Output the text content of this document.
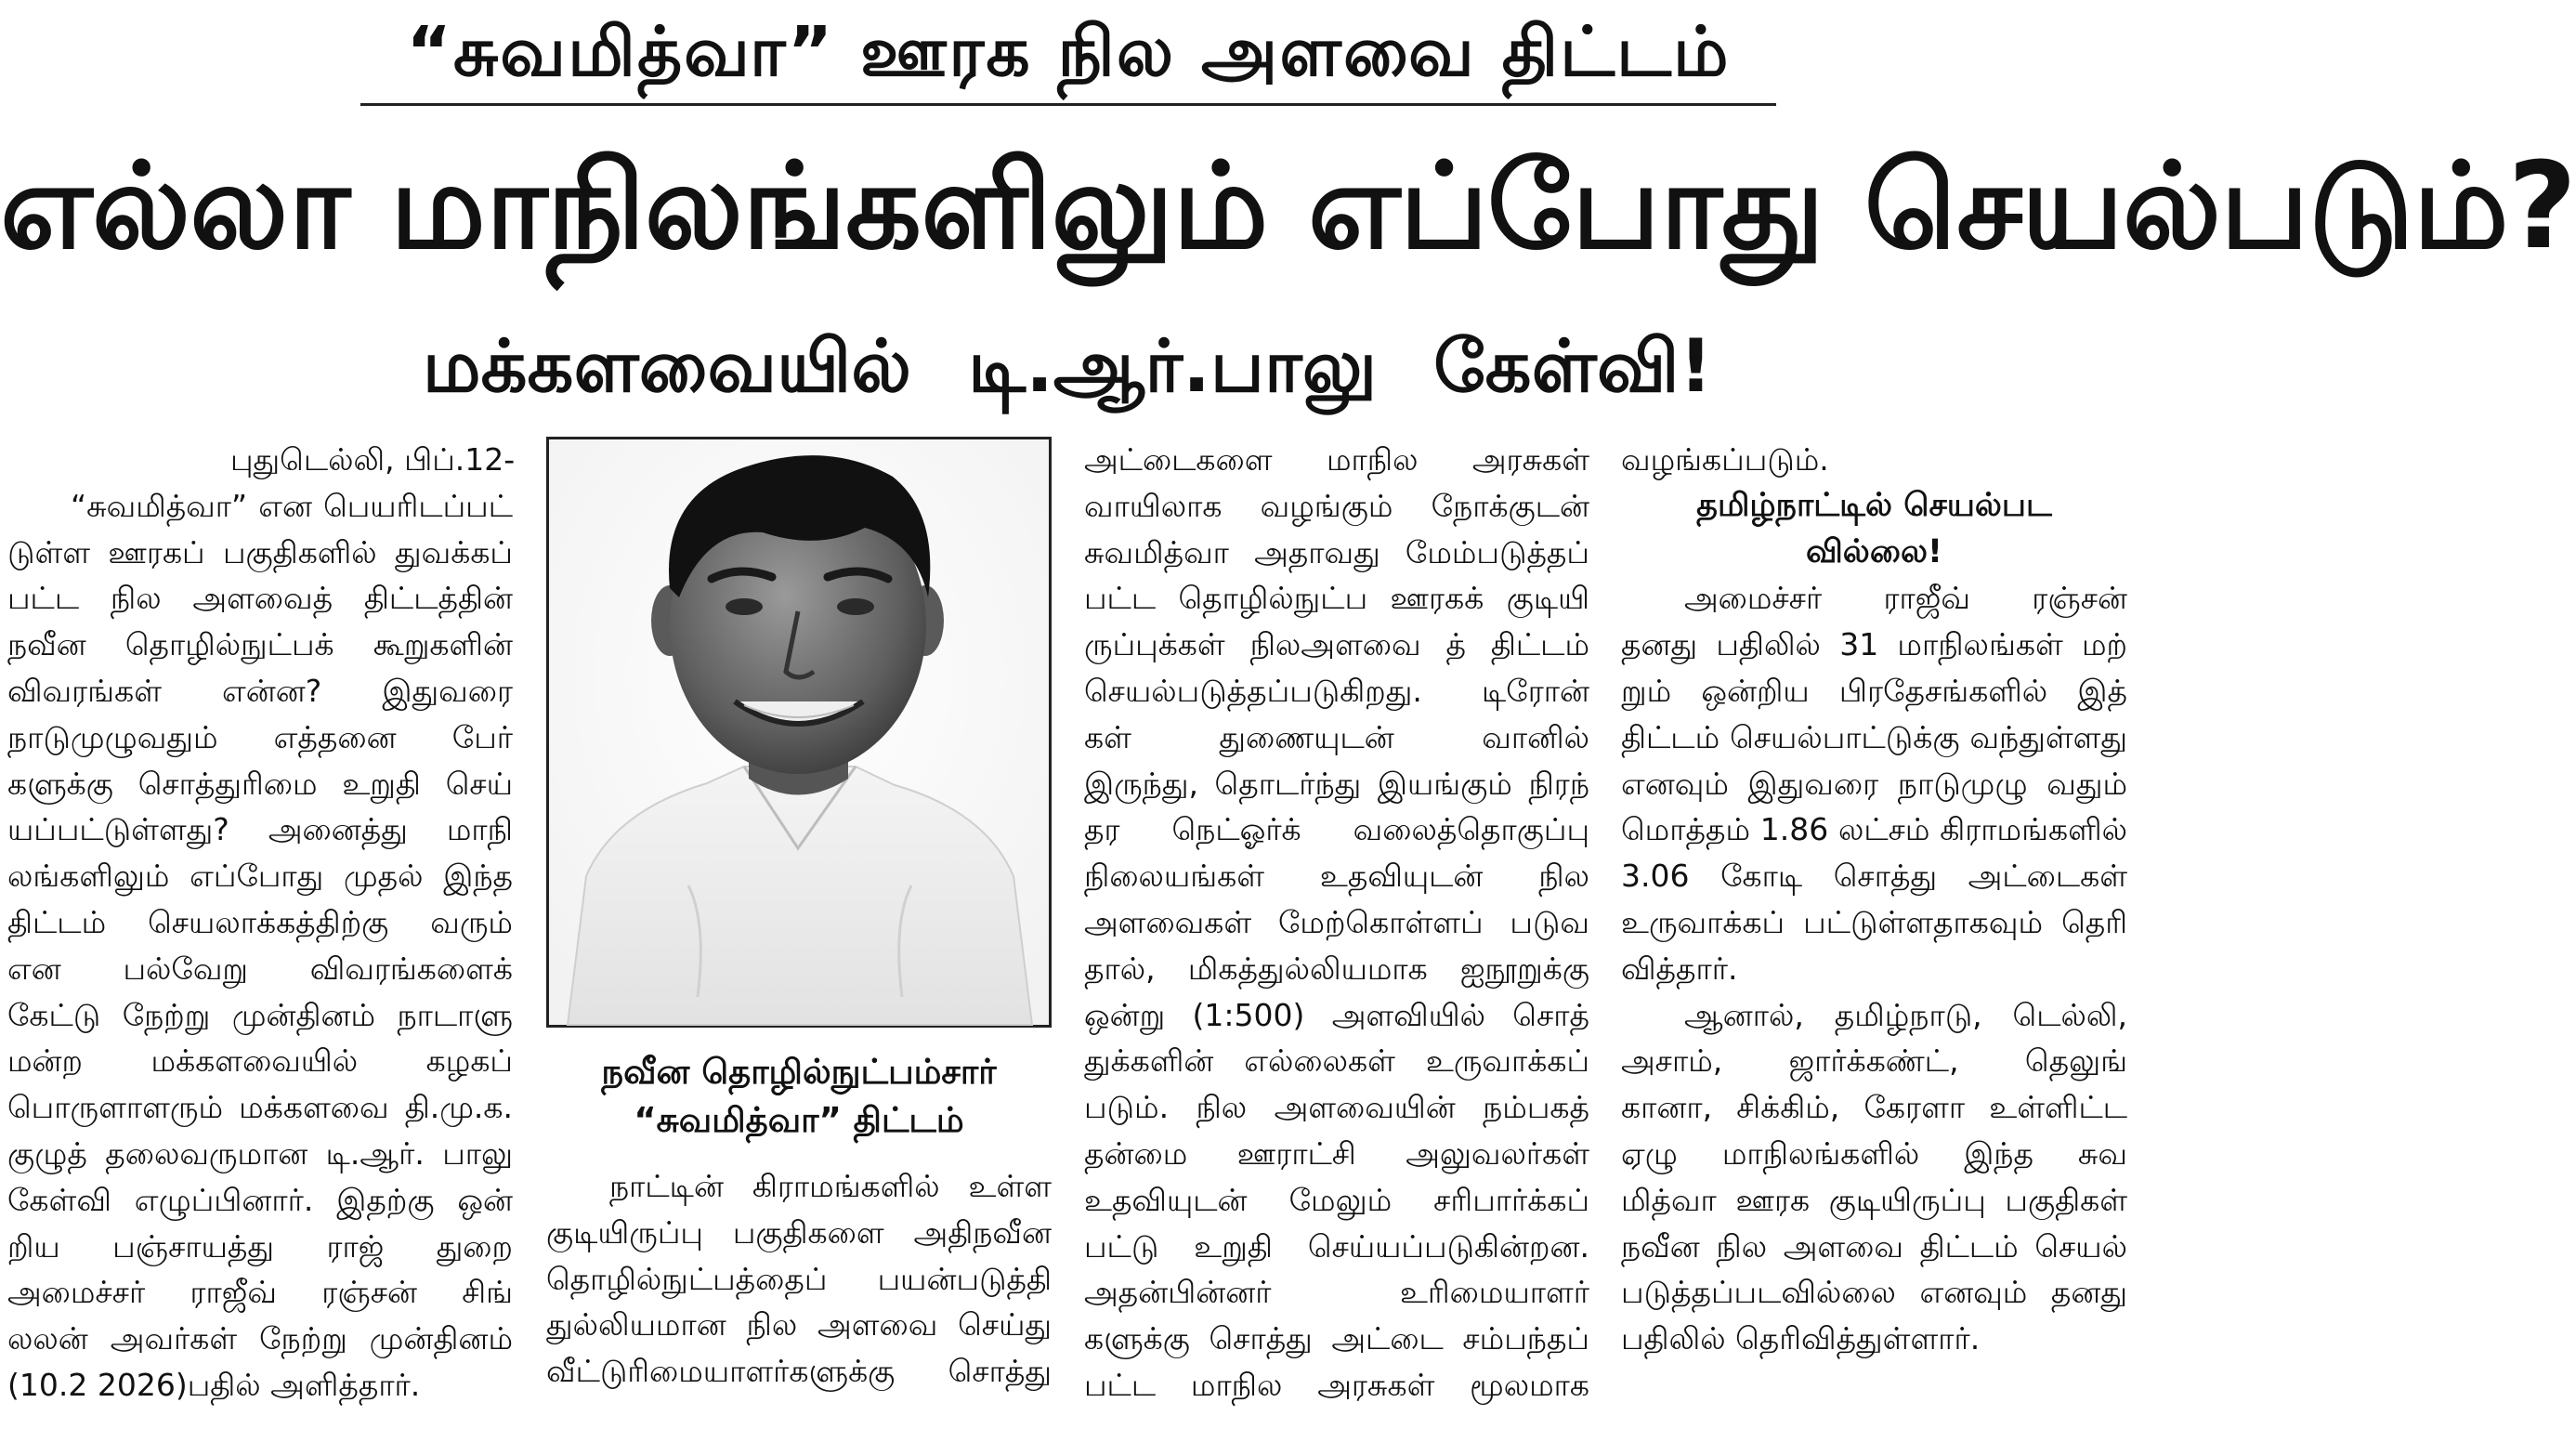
“சுவமித்வா” ஊரக நில அளவை திட்டம்
எல்லா மாநிலங்களிலும் எப்போது செயல்படும்?
மக்களவையில் டி.ஆர்.பாலு கேள்வி!
புதுடெல்லி, பிப்.12-
“சுவமித்வா” என பெயரிடப்பட்
டுள்ள ஊரகப் பகுதிகளில் துவக்கப்
பட்ட நில அளவைத் திட்டத்தின்
நவீன தொழில்நுட்பக் கூறுகளின்
விவரங்கள் என்ன? இதுவரை
நாடுமுழுவதும் எத்தனை பேர்
களுக்கு சொத்துரிமை உறுதி செய்
யப்பட்டுள்ளது? அனைத்து மாநி
லங்களிலும் எப்போது முதல் இந்த
திட்டம் செயலாக்கத்திற்கு வரும்
என பல்வேறு விவரங்களைக்
கேட்டு நேற்று முன்தினம் நாடாளு
மன்ற மக்களவையில் கழகப்
பொருளாளரும் மக்களவை தி.மு.க.
குழுத் தலைவருமான டி.ஆர். பாலு
கேள்வி எழுப்பினார். இதற்கு ஒன்
றிய பஞ்சாயத்து ராஜ் துறை
அமைச்சர் ராஜீவ் ரஞ்சன் சிங்
லலன் அவர்கள் நேற்று முன்தினம்
(10.2 2026)பதில் அளித்தார்.
நவீன தொழில்நுட்பம்சார்
“சுவமித்வா” திட்டம்
நாட்டின் கிராமங்களில் உள்ள
குடியிருப்பு பகுதிகளை அதிநவீன
தொழில்நுட்பத்தைப் பயன்படுத்தி
துல்லியமான நில அளவை செய்து
வீட்டுரிமையாளர்களுக்கு சொத்து
அட்டைகளை மாநில அரசுகள்
வாயிலாக வழங்கும் நோக்குடன்
சுவமித்வா அதாவது மேம்படுத்தப்
பட்ட தொழில்நுட்ப ஊரகக் குடியி
ருப்புக்கள் நிலஅளவை த் திட்டம்
செயல்படுத்தப்படுகிறது. டிரோன்
கள் துணையுடன் வானில்
இருந்து, தொடர்ந்து இயங்கும் நிரந்
தர நெட்ஓர்க் வலைத்தொகுப்பு
நிலையங்கள் உதவியுடன் நில
அளவைகள் மேற்கொள்ளப் படுவ
தால், மிகத்துல்லியமாக ஐநூறுக்கு
ஒன்று (1:500) அளவியில் சொத்
துக்களின் எல்லைகள் உருவாக்கப்
படும். நில அளவையின் நம்பகத்
தன்மை ஊராட்சி அலுவலர்கள்
உதவியுடன் மேலும் சரிபார்க்கப்
பட்டு உறுதி செய்யப்படுகின்றன.
அதன்பின்னர் உரிமையாளர்
களுக்கு சொத்து அட்டை சம்பந்தப்
பட்ட மாநில அரசுகள் மூலமாக
வழங்கப்படும்.
தமிழ்நாட்டில் செயல்பட
வில்லை!
அமைச்சர் ராஜீவ் ரஞ்சன்
தனது பதிலில் 31 மாநிலங்கள் மற்
றும் ஒன்றிய பிரதேசங்களில் இத்
திட்டம் செயல்பாட்டுக்கு வந்துள்ளது
எனவும் இதுவரை நாடுமுழு வதும்
மொத்தம் 1.86 லட்சம் கிராமங்களில்
3.06 கோடி சொத்து அட்டைகள்
உருவாக்கப் பட்டுள்ளதாகவும் தெரி
வித்தார்.
ஆனால், தமிழ்நாடு, டெல்லி,
அசாம், ஜார்க்கண்ட், தெலுங்
கானா, சிக்கிம், கேரளா உள்ளிட்ட
ஏழு மாநிலங்களில் இந்த சுவ
மித்வா ஊரக குடியிருப்பு பகுதிகள்
நவீன நில அளவை திட்டம் செயல்
படுத்தப்படவில்லை எனவும் தனது
பதிலில் தெரிவித்துள்ளார்.
